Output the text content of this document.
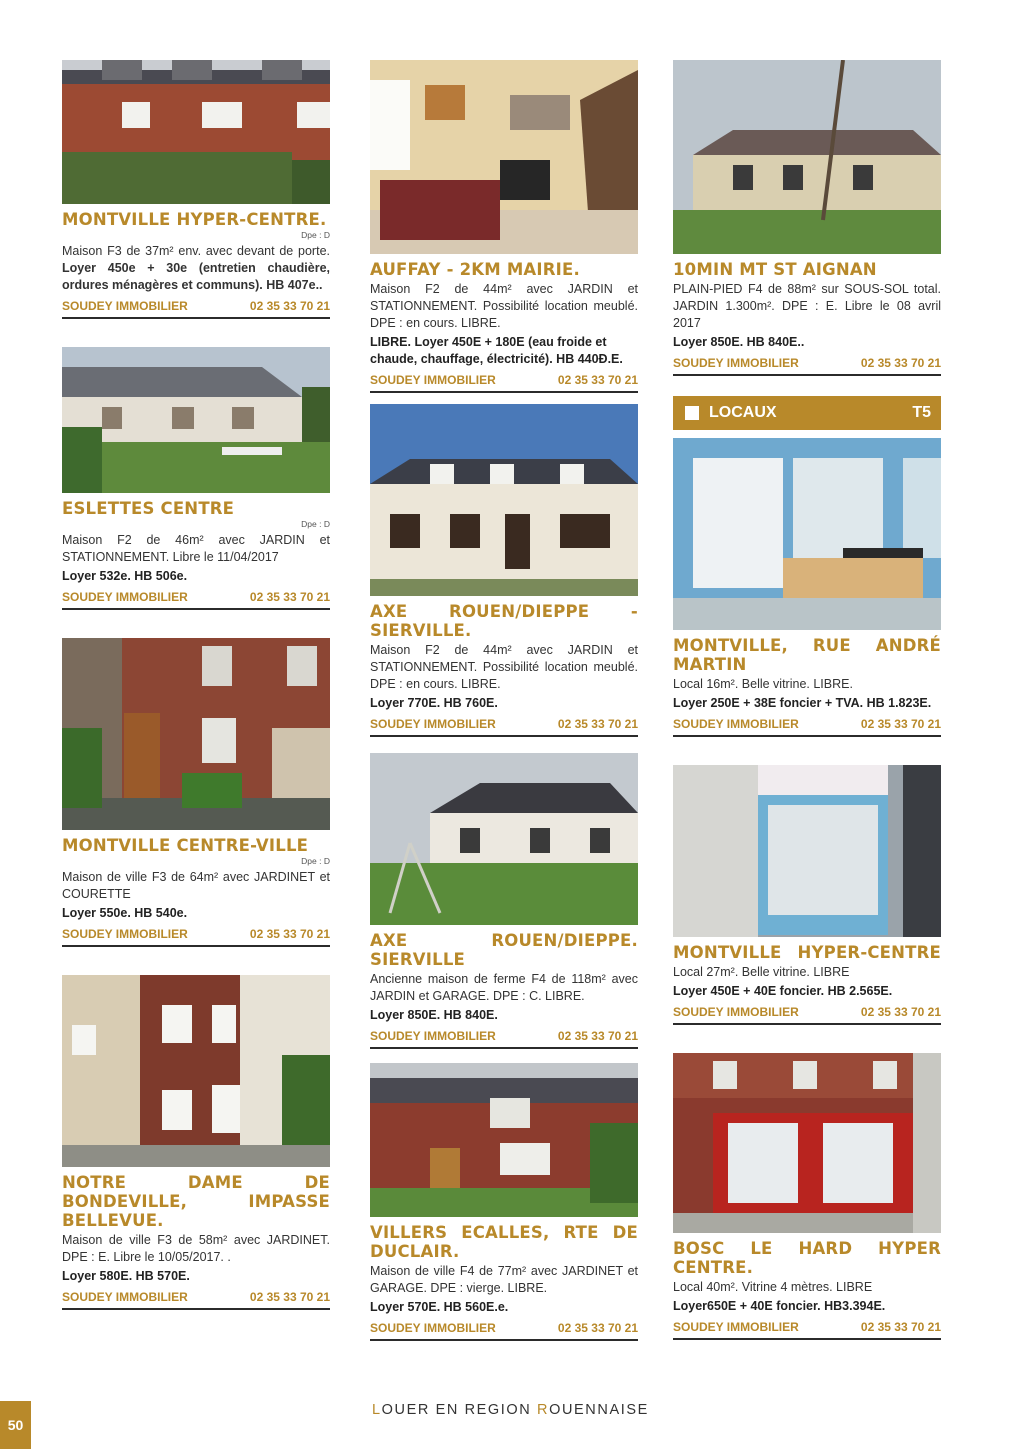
MONTVILLE HYPER-CENTRE.
Dpe : D
Maison F3 de 37m² env. avec devant de porte. Loyer 450e + 30e (entretien chaudière, ordures ménagères et communs). HB 407e..
SOUDEY IMMOBILIER	02 35 33 70 21
ESLETTES CENTRE
Dpe : D
Maison F2 de 46m² avec JARDIN et STATIONNEMENT. Libre le 11/04/2017
Loyer 532e. HB 506e.
SOUDEY IMMOBILIER	02 35 33 70 21
MONTVILLE CENTRE-VILLE
Dpe : D
Maison de ville F3 de 64m² avec JARDINET et COURETTE
Loyer 550e. HB 540e.
SOUDEY IMMOBILIER	02 35 33 70 21
NOTRE DAME DE BONDEVILLE, IMPASSE BELLEVUE.
Maison de ville F3 de 58m² avec JARDINET. DPE : E. Libre le 10/05/2017. .
Loyer 580E. HB 570E.
SOUDEY IMMOBILIER	02 35 33 70 21
AUFFAY - 2KM MAIRIE.
Maison F2 de 44m² avec JARDIN et STATIONNEMENT. Possibilité location meublé. DPE : en cours. LIBRE.
LIBRE. Loyer 450E + 180E (eau froide et chaude, chauffage, électricité). HB 440Ð.E.
SOUDEY IMMOBILIER	02 35 33 70 21
AXE ROUEN/DIEPPE - SIERVILLE.
Maison F2 de 44m² avec JARDIN et STATIONNEMENT. Possibilité location meublé. DPE : en cours. LIBRE.
Loyer 770E. HB 760E.
SOUDEY IMMOBILIER	02 35 33 70 21
AXE ROUEN/DIEPPE. SIERVILLE
Ancienne maison de ferme F4 de 118m² avec JARDIN et GARAGE. DPE : C. LIBRE.
Loyer 850E. HB 840E.
SOUDEY IMMOBILIER	02 35 33 70 21
VILLERS ECALLES, RTE DE DUCLAIR.
Maison de ville F4 de 77m² avec JARDINET et GARAGE. DPE : vierge. LIBRE.
Loyer 570E. HB 560E.e.
SOUDEY IMMOBILIER	02 35 33 70 21
10MIN MT ST AIGNAN
PLAIN-PIED F4 de 88m² sur SOUS-SOL total. JARDIN 1.300m². DPE : E. Libre le 08 avril 2017
Loyer 850E. HB 840E..
SOUDEY IMMOBILIER	02 35 33 70 21
LOCAUX	T5
MONTVILLE, RUE ANDRÉ MARTIN
Local 16m². Belle vitrine. LIBRE.
Loyer 250E + 38E foncier + TVA. HB 1.823E.
SOUDEY IMMOBILIER	02 35 33 70 21
MONTVILLE HYPER-CENTRE
Local 27m². Belle vitrine. LIBRE
Loyer 450E + 40E foncier. HB 2.565E.
SOUDEY IMMOBILIER	02 35 33 70 21
BOSC LE HARD HYPER CENTRE.
Local 40m². Vitrine 4 mètres. LIBRE
Loyer650E + 40E foncier. HB3.394E.
SOUDEY IMMOBILIER	02 35 33 70 21
50
LOUER EN REGION ROUENNAISE
